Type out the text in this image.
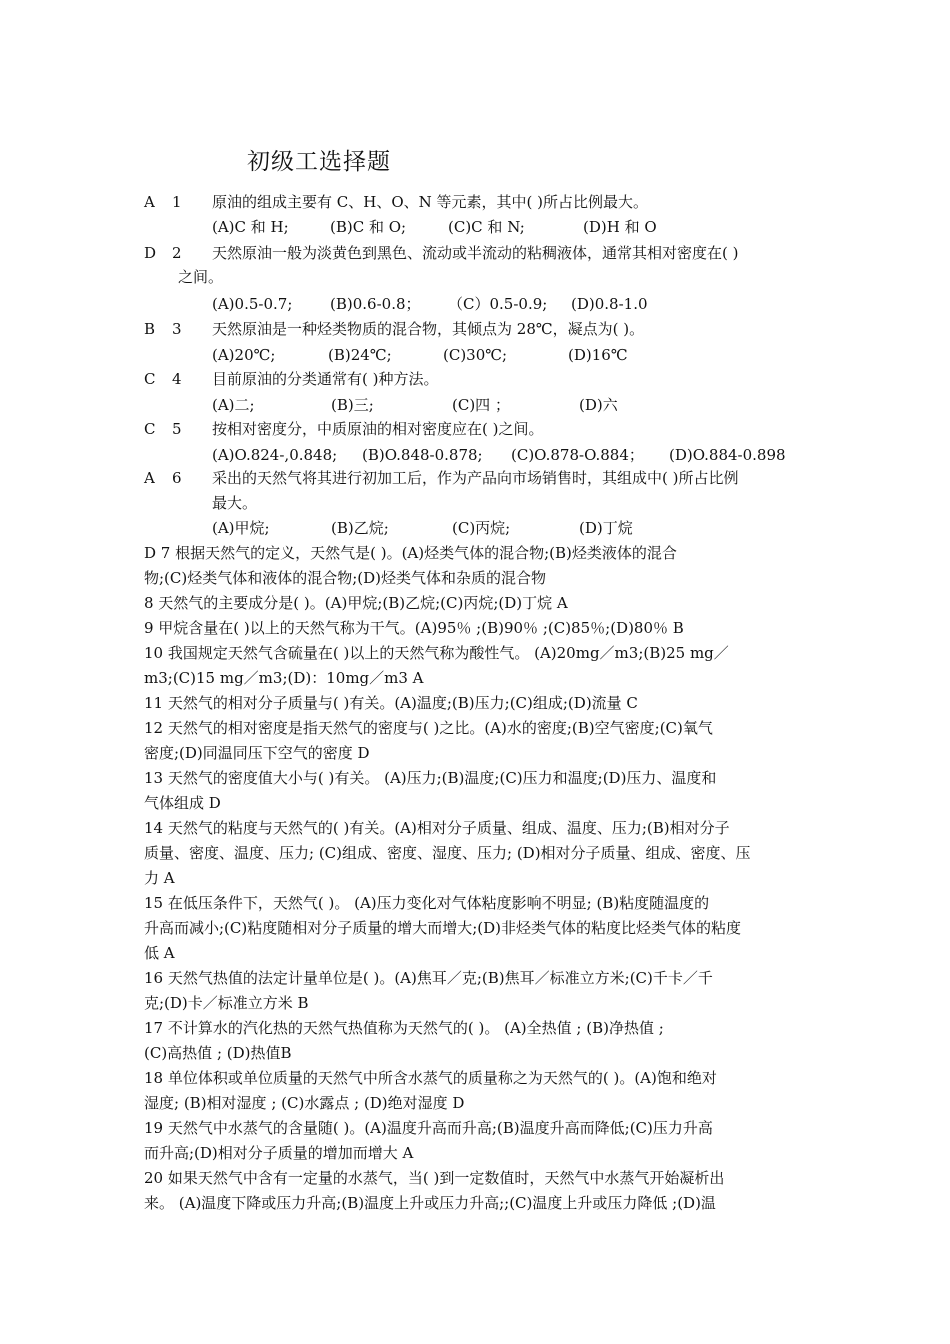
初级工选择题
A 1 原油的组成主要有 C、H、O、N 等元素，其中( )所占比例最大。
(A)C 和 H;	(B)C 和 O;	(C)C 和 N;	(D)H 和 O
D 2 天然原油一般为淡黄色到黑色、流动或半流动的粘稠液体，通常其相对密度在( )
之间。
(A)0.5-0.7;	(B)0.6-0.8； （C）0.5-0.9; (D)0.8-1.0
B 3 天然原油是一种烃类物质的混合物，其倾点为 28℃，凝点为( )。
(A)20℃;	(B)24℃;	(C)30℃;	(D)16℃
C 4 目前原油的分类通常有( )种方法。
(A)二;	(B)三;	(C)四 ；	(D)六
C 5 按相对密度分，中质原油的相对密度应在( )之间。
(A)O.824-,0.848; (B)O.848-0.878; (C)O.878-O.884； (D)O.884-0.898
A 6 采出的天然气将其进行初加工后，作为产品向市场销售时，其组成中( )所占比例
最大。
(A)甲烷;	(B)乙烷;	(C)丙烷;	(D)丁烷
D 7 根据天然气的定义，天然气是( )。(A)烃类气体的混合物;(B)烃类液体的混合
物;(C)烃类气体和液体的混合物;(D)烃类气体和杂质的混合物
8 天然气的主要成分是( )。(A)甲烷;(B)乙烷;(C)丙烷;(D)丁烷 A
9 甲烷含量在( )以上的天然气称为干气。(A)95％ ;(B)90％ ;(C)85％;(D)80％ B
10 我国规定天然气含硫量在( )以上的天然气称为酸性气。 (A)20mg／m3;(B)25 mg／
m3;(C)15 mg／m3;(D)：10mg／m3 A
11 天然气的相对分子质量与( )有关。(A)温度;(B)压力;(C)组成;(D)流量 C
12 天然气的相对密度是指天然气的密度与( )之比。(A)水的密度;(B)空气密度;(C)氧气
密度;(D)同温同压下空气的密度 D
13 天然气的密度值大小与( )有关。 (A)压力;(B)温度;(C)压力和温度;(D)压力、温度和
气体组成 D
14 天然气的粘度与天然气的( )有关。(A)相对分子质量、组成、温度、压力;(B)相对分子
质量、密度、温度、压力; (C)组成、密度、湿度、压力; (D)相对分子质量、组成、密度、压
力 A
15 在低压条件下，天然气( )。 (A)压力变化对气体粘度影响不明显; (B)粘度随温度的
升高而减小;(C)粘度随相对分子质量的增大而增大;(D)非烃类气体的粘度比烃类气体的粘度
低 A
16 天然气热值的法定计量单位是( )。(A)焦耳／克;(B)焦耳／标准立方米;(C)千卡／千
克;(D)卡／标准立方米 B
17 不计算水的汽化热的天然气热值称为天然气的( )。 (A)全热值 ; (B)净热值 ;
(C)高热值 ; (D)热值B
18 单位体积或单位质量的天然气中所含水蒸气的质量称之为天然气的( )。(A)饱和绝对
湿度; (B)相对湿度 ; (C)水露点 ; (D)绝对湿度 D
19 天然气中水蒸气的含量随( )。(A)温度升高而升高;(B)温度升高而降低;(C)压力升高
而升高;(D)相对分子质量的增加而增大 A
20 如果天然气中含有一定量的水蒸气，当( )到一定数值时，天然气中水蒸气开始凝析出
来。 (A)温度下降或压力升高;(B)温度上升或压力升高;;(C)温度上升或压力降低 ;(D)温
